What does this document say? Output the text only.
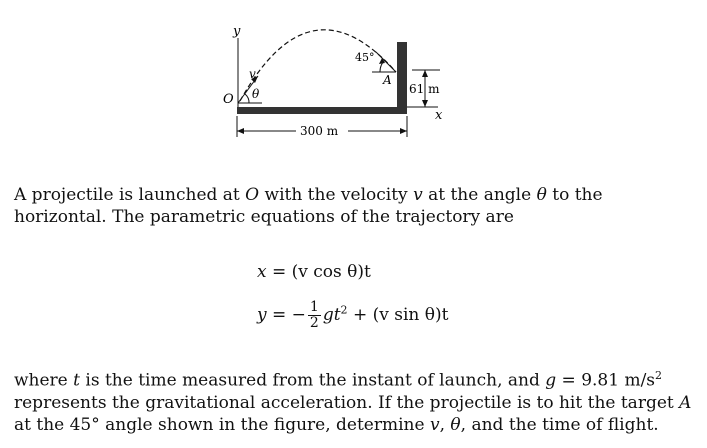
y
v
O θ
45°
A
61 m
x
300 m

A projectile is launched at O with the velocity v at the angle θ to the horizontal. The parametric equations of the trajectory are

x = (v cos θ)t
y = − $\frac{1}{2} gt^2 + (v$ sin θ)t

where t is the time measured from the instant of launch, and g = 9.81 $m/s^2$ represents the gravitational acceleration. If the projectile is to hit the target A at the 45° angle shown in the figure, determine v, θ, and the time of flight.
